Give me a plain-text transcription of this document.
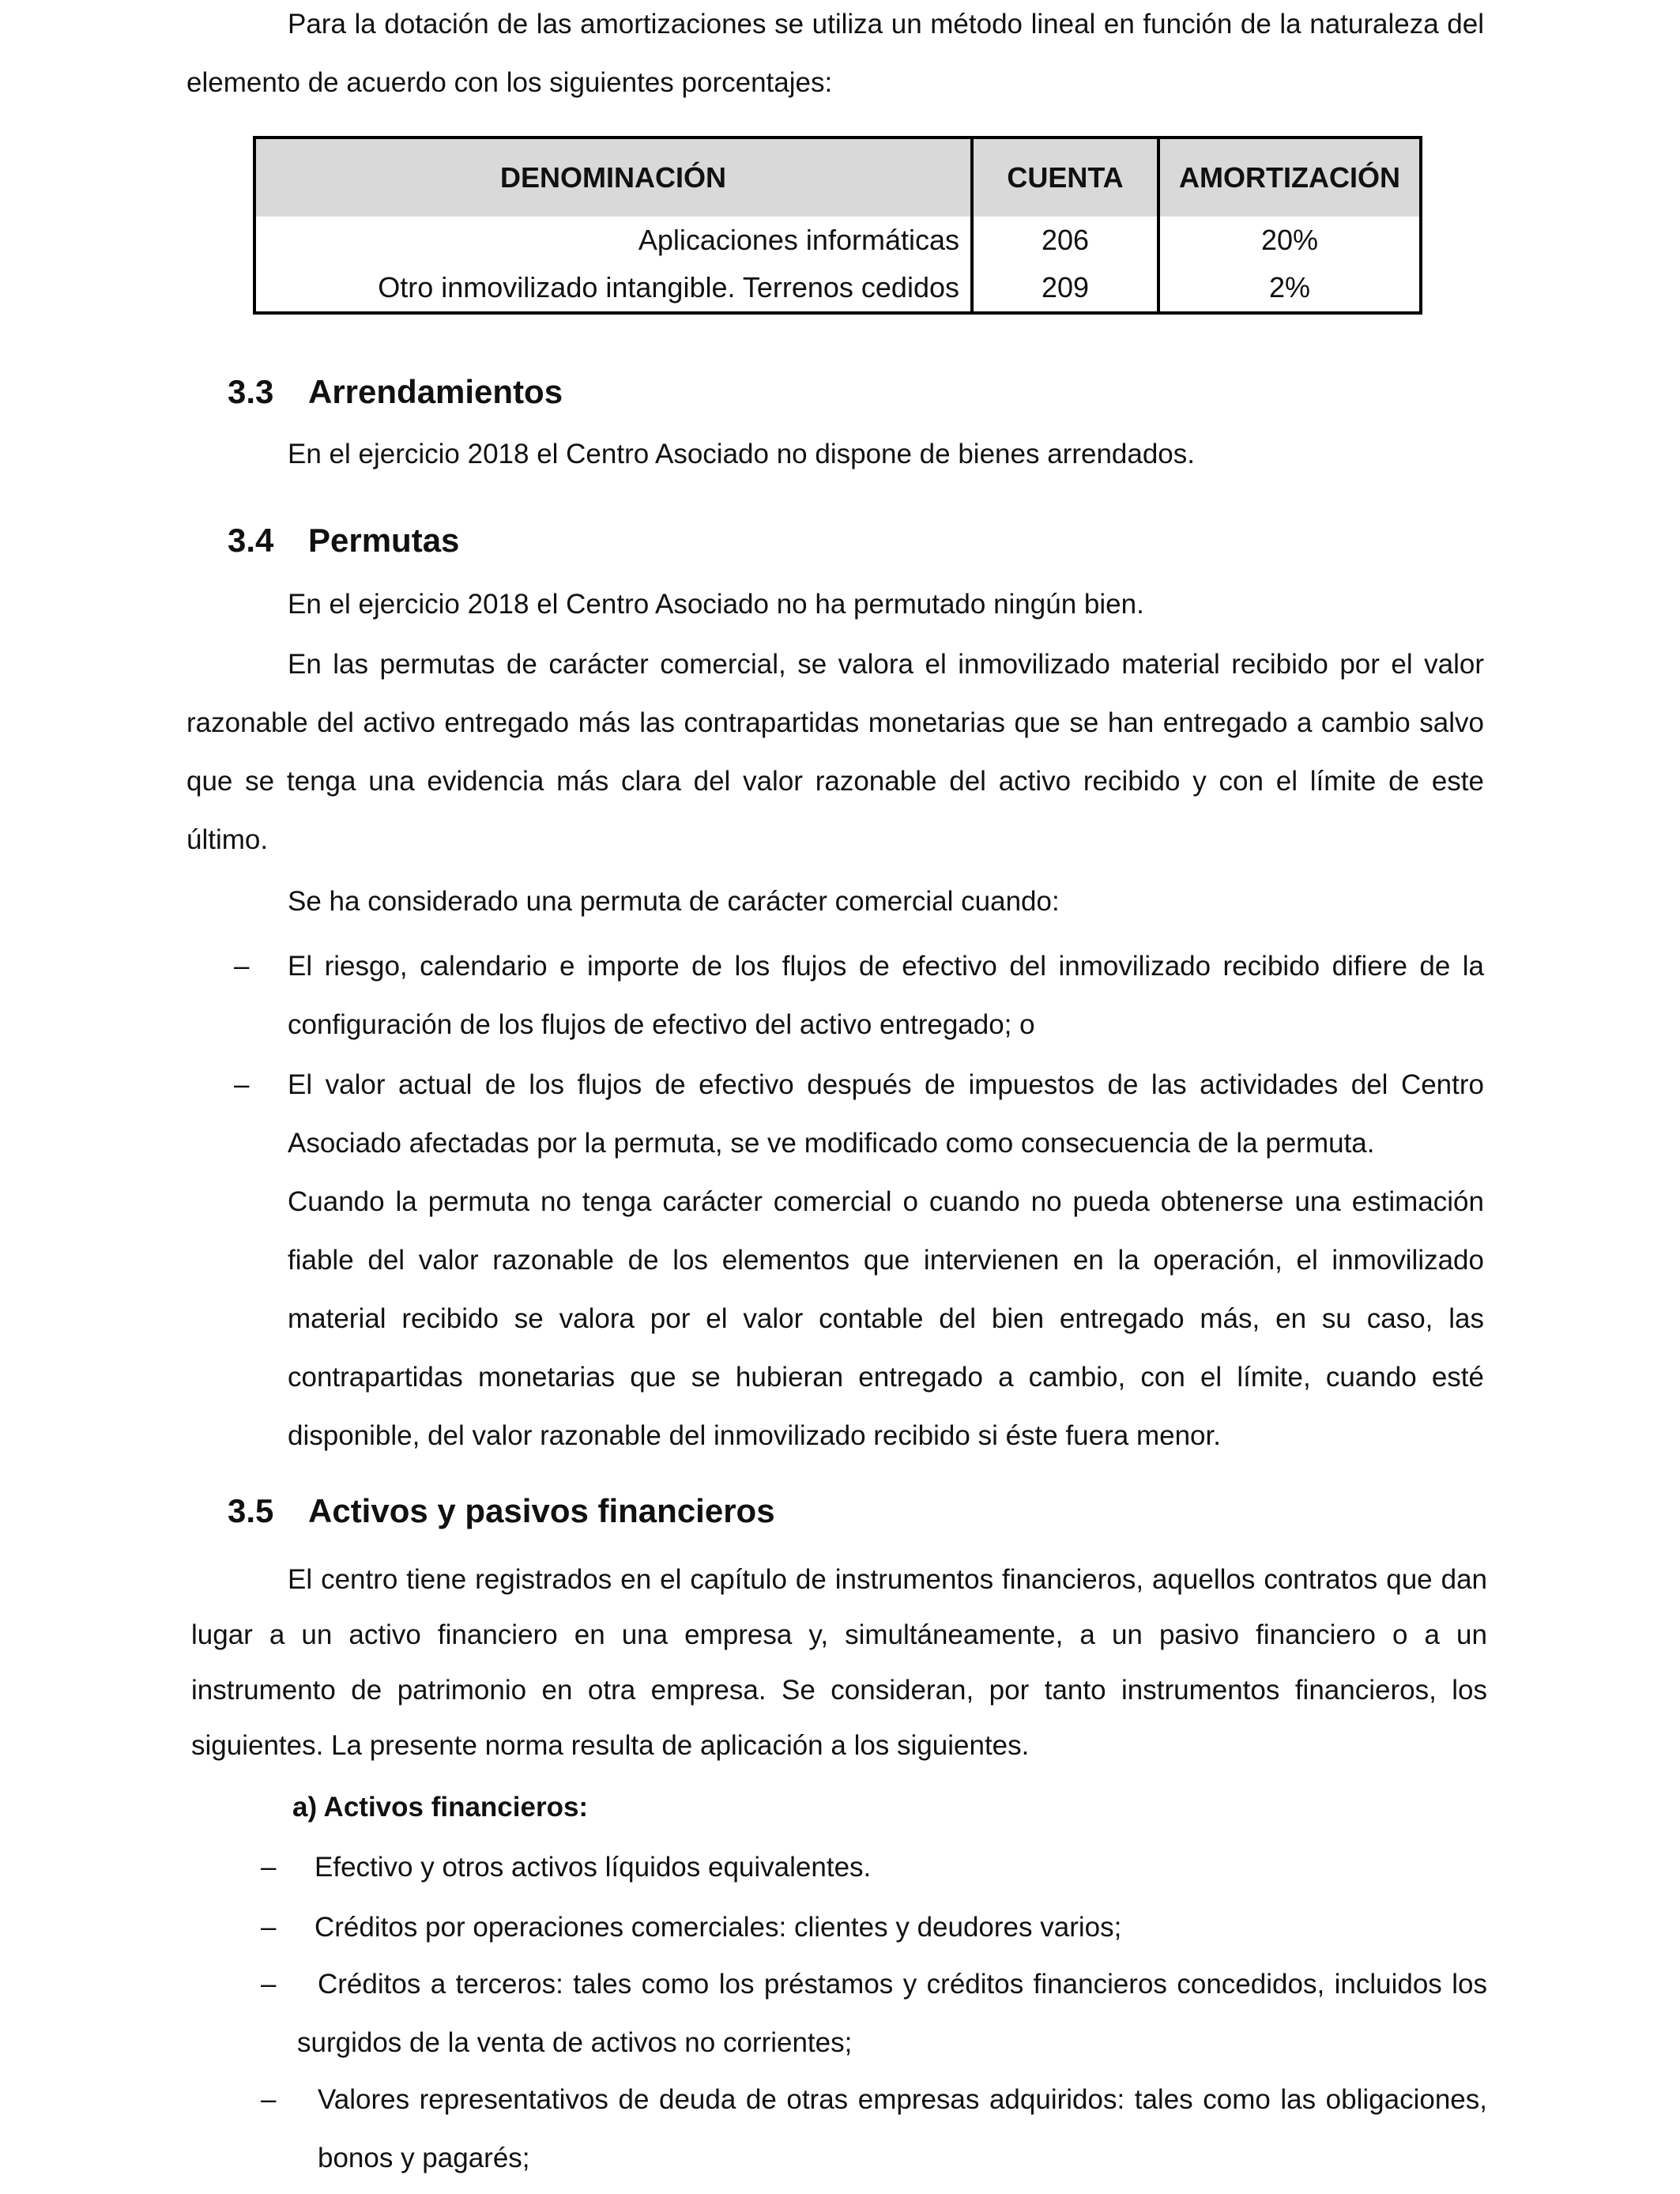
Para la dotación de las amortizaciones se utiliza un método lineal en función de la naturaleza del elemento de acuerdo con los siguientes porcentajes:

DENOMINACIÓN	CUENTA	AMORTIZACIÓN
Aplicaciones informáticas	206	20%
Otro inmovilizado intangible. Terrenos cedidos	209	2%
3.3 Arrendamientos

En el ejercicio 2018 el Centro Asociado no dispone de bienes arrendados.

3.4 Permutas

En el ejercicio 2018 el Centro Asociado no ha permutado ningún bien.

En las permutas de carácter comercial, se valora el inmovilizado material recibido por el valor razonable del activo entregado más las contrapartidas monetarias que se han entregado a cambio salvo que se tenga una evidencia más clara del valor razonable del activo recibido y con el límite de este último.

Se ha considerado una permuta de carácter comercial cuando:

– El riesgo, calendario e importe de los flujos de efectivo del inmovilizado recibido difiere de la configuración de los flujos de efectivo del activo entregado; o

– El valor actual de los flujos de efectivo después de impuestos de las actividades del Centro Asociado afectadas por la permuta, se ve modificado como consecuencia de la permuta.

Cuando la permuta no tenga carácter comercial o cuando no pueda obtenerse una estimación fiable del valor razonable de los elementos que intervienen en la operación, el inmovilizado material recibido se valora por el valor contable del bien entregado más, en su caso, las contrapartidas monetarias que se hubieran entregado a cambio, con el límite, cuando esté disponible, del valor razonable del inmovilizado recibido si éste fuera menor.

3.5 Activos y pasivos financieros

El centro tiene registrados en el capítulo de instrumentos financieros, aquellos contratos que dan lugar a un activo financiero en una empresa y, simultáneamente, a un pasivo financiero o a un instrumento de patrimonio en otra empresa. Se consideran, por tanto instrumentos financieros, los siguientes. La presente norma resulta de aplicación a los siguientes.

a) Activos financieros:
– Efectivo y otros activos líquidos equivalentes.

– Créditos por operaciones comerciales: clientes y deudores varios;

–	Créditos a terceros: tales como los préstamos y créditos financieros concedidos, incluidos los surgidos de la venta de activos no corrientes;

– Valores representativos de deuda de otras empresas adquiridos: tales como las obligaciones, bonos y pagarés;
